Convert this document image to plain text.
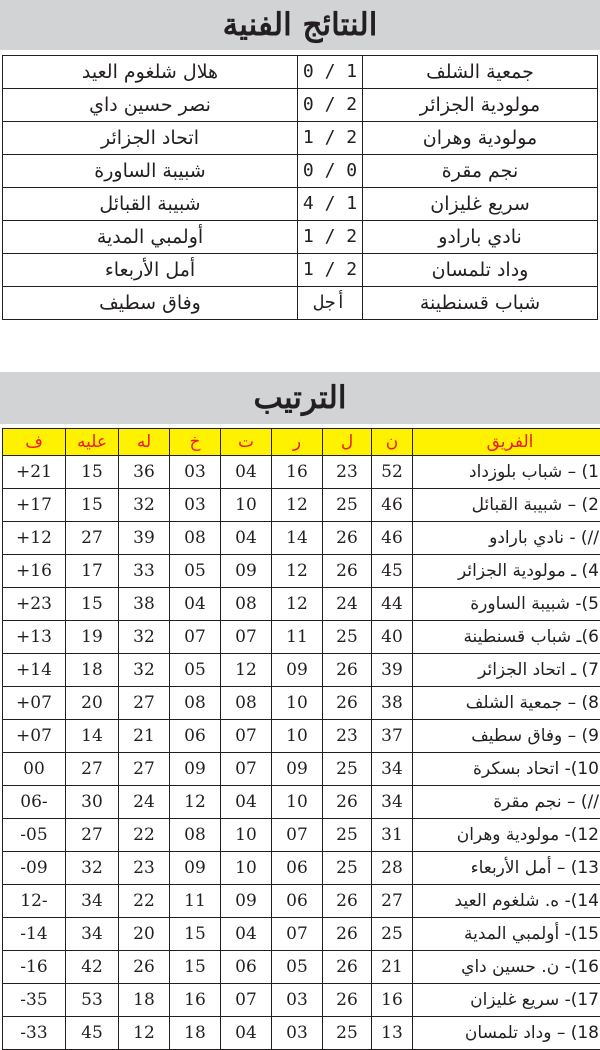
النتائج الفنية
هلال شلغوم العيد	0 / 1	جمعية الشلف
نصر حسين داي	0 / 2	مولودية الجزائر
اتحاد الجزائر	1 / 2	مولودية وهران
شبيبة الساورة	0 / 0	نجم مقرة
شبيبة القبائل	4 / 1	سريع غليزان
أولمبي المدية	1 / 2	نادي بارادو
أمل الأربعاء	1 / 2	وداد تلمسان
وفاق سطيف	أجل	شباب قسنطينة
الترتيب
ف	عليه	له	خ	ت	ر	ل	ن	الفريق
+21	15	36	03	04	16	23	52	1) – شباب بلوزداد
+17	15	32	03	10	12	25	46	2) – شبيبة القبائل
+12	27	39	08	04	14	26	46	//) - نادي بارادو
+16	17	33	05	09	12	26	45	4) ـ مولودية الجزائر
+23	15	38	04	08	12	24	44	5)- شبيبة الساورة
+13	19	32	07	07	11	25	40	6)ـ شباب قسنطينة
+14	18	32	05	12	09	26	39	7) ـ اتحاد الجزائر
+07	20	27	08	08	10	26	38	8) – جمعية الشلف
+07	14	21	06	07	10	23	37	9) – وفاق سطيف
00	27	27	09	07	09	25	34	10)- اتحاد بسكرة
06-	30	24	12	04	10	26	34	//) – نجم مقرة
-05	27	22	08	10	07	25	31	12)- مولودية وهران
-09	32	23	09	10	06	25	28	13) – أمل الأربعاء
12-	34	22	11	09	06	26	27	14)- ه. شلغوم العيد
-14	34	20	15	04	07	26	25	15)- أولمبي المدية
-16	42	26	15	06	05	26	21	16)- ن. حسين داي
-35	53	18	16	07	03	26	16	17)- سريع غليزان
-33	45	12	18	04	03	25	13	18) – وداد تلمسان
